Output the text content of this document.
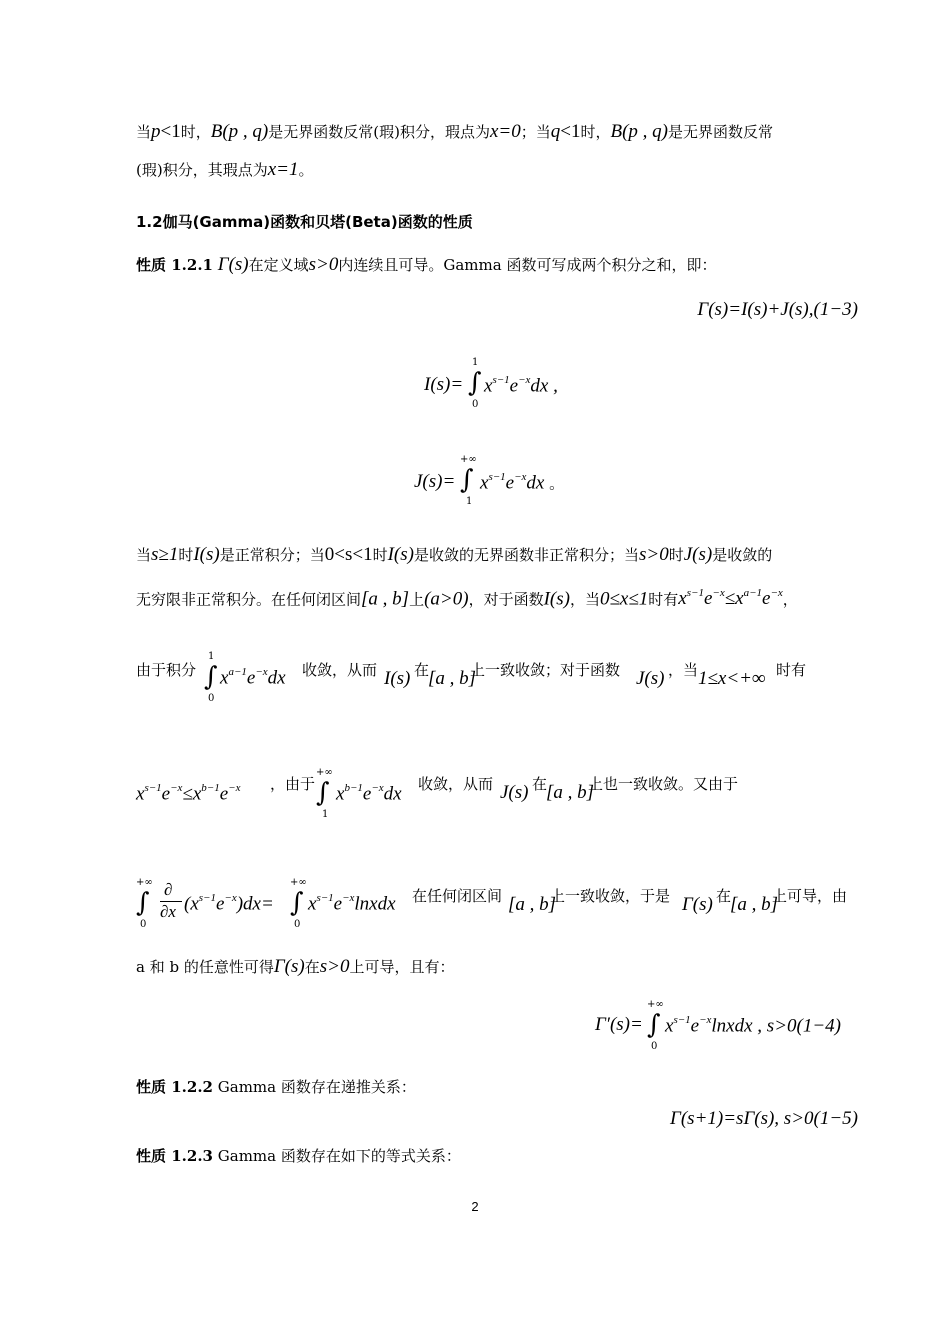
当p<1时，B(p , q)是无界函数反常(瑕)积分，瑕点为x=0；当q<1时，B(p , q)是无界函数反常
(瑕)积分，其瑕点为x=1。
1.2伽马(Gamma)函数和贝塔(Beta)函数的性质
性质 1.2.1 Γ(s)在定义域s>0内连续且可导。Gamma 函数可写成两个积分之和，即：
Γ(s)=I(s)+J(s),(1−3)
I(s)= ∫
1
0
$x^{s-1}e^{-x}dx$ ,
J(s)= ∫
+∞
1
$x^{s-1}e^{-x}dx$ 。
当s≥1时I(s)是正常积分；当0<s<1时I(s)是收敛的无界函数非正常积分；当s>0时J(s)是收敛的
无穷限非正常积分。在任何闭区间[a , b]上(a>0)，对于函数I(s)，当0≤x≤1时有$x^{s-1}e^{-x}\le x^{a-1}e^{-x}$，
由于积分 ∫
1
0
$x^{a-1}e^{-x}dx$ 收敛，从而 I(s) 在
[a , b]
上一致收敛；对于函数 J(s) ，当 1≤x<+∞ 时有
$x^{s-1}e^{-x}\le x^{b-1}e^{-x}$ ，由于 ∫
+∞
1
$x^{b-1}e^{-x}dx$ 收敛，从而 J(s) 在
[a , b]
上也一致收敛。又由于
∫
+∞
0
∂
∂x $(x^{s-1}e^{-x})dx=$ ∫
+∞
0
$x^{s-1}e^{-x}lnxdx$ 在任何闭区间 [a , b]
上一致收敛，于是 Γ(s) 在
[a , b]
上可导，由
a 和 b 的任意性可得Γ(s)在s>0上可导，且有：
Γ′(s)= ∫
+∞
0
$x^{s-1}e^{-x}lnxdx$ , s>0(1−4)
性质 1.2.2 Gamma 函数存在递推关系：
Γ(s+1)=sΓ(s), s>0(1−5)
性质 1.2.3 Gamma 函数存在如下的等式关系：
2
